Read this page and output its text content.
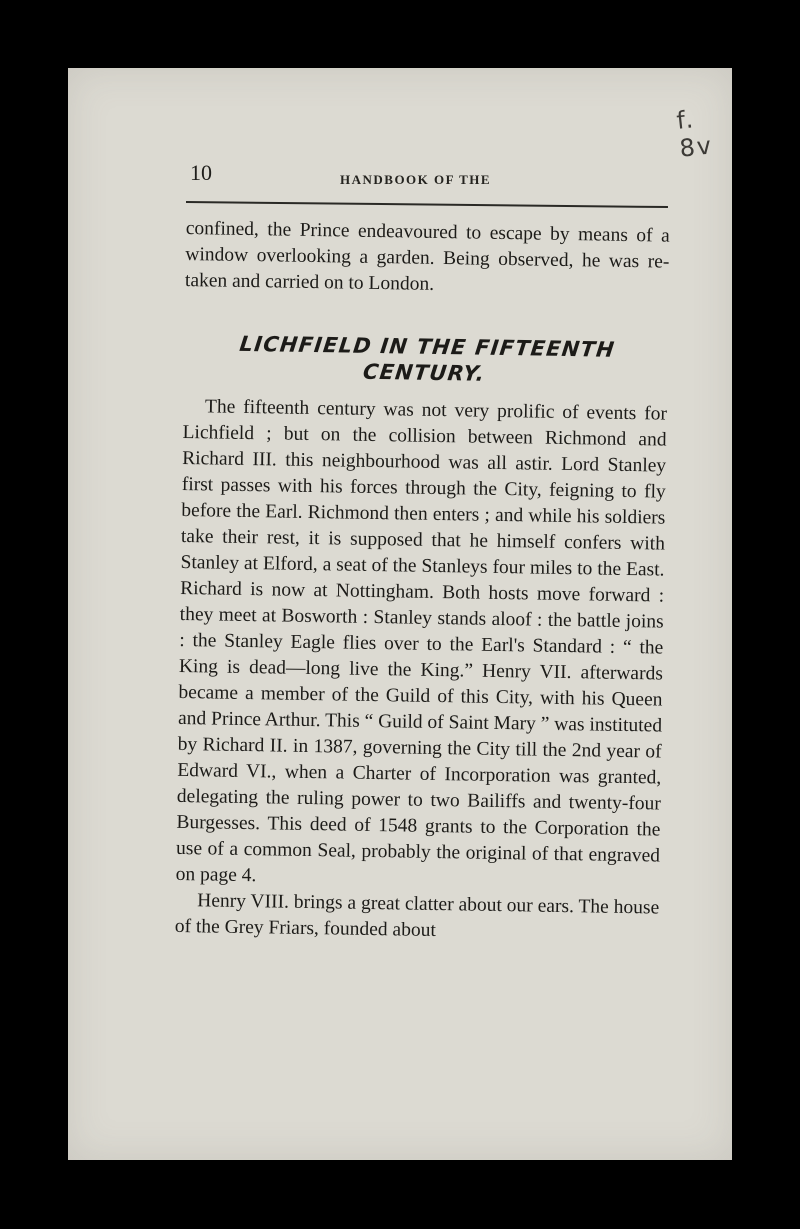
f. 8v
10	HANDBOOK OF THE

confined, the Prince endeavoured to escape by means of a window overlooking a garden. Being observed, he was re-taken and carried on to London.

LICHFIELD IN THE FIFTEENTH CENTURY.

The fifteenth century was not very prolific of events for Lichfield ; but on the collision between Richmond and Richard III. this neighbourhood was all astir. Lord Stanley first passes with his forces through the City, feigning to fly before the Earl. Richmond then enters ; and while his soldiers take their rest, it is supposed that he himself confers with Stanley at Elford, a seat of the Stanleys four miles to the East. Richard is now at Nottingham. Both hosts move forward : they meet at Bosworth : Stanley stands aloof : the battle joins : the Stanley Eagle flies over to the Earl's Standard : “ the King is dead—long live the King.” Henry VII. afterwards became a member of the Guild of this City, with his Queen and Prince Arthur. This “ Guild of Saint Mary ” was instituted by Richard II. in 1387, governing the City till the 2nd year of Edward VI., when a Charter of Incorporation was granted, delegating the ruling power to two Bailiffs and twenty-four Burgesses. This deed of 1548 grants to the Corporation the use of a common Seal, probably the original of that engraved on page 4.

Henry VIII. brings a great clatter about our ears. The house of the Grey Friars, founded about
